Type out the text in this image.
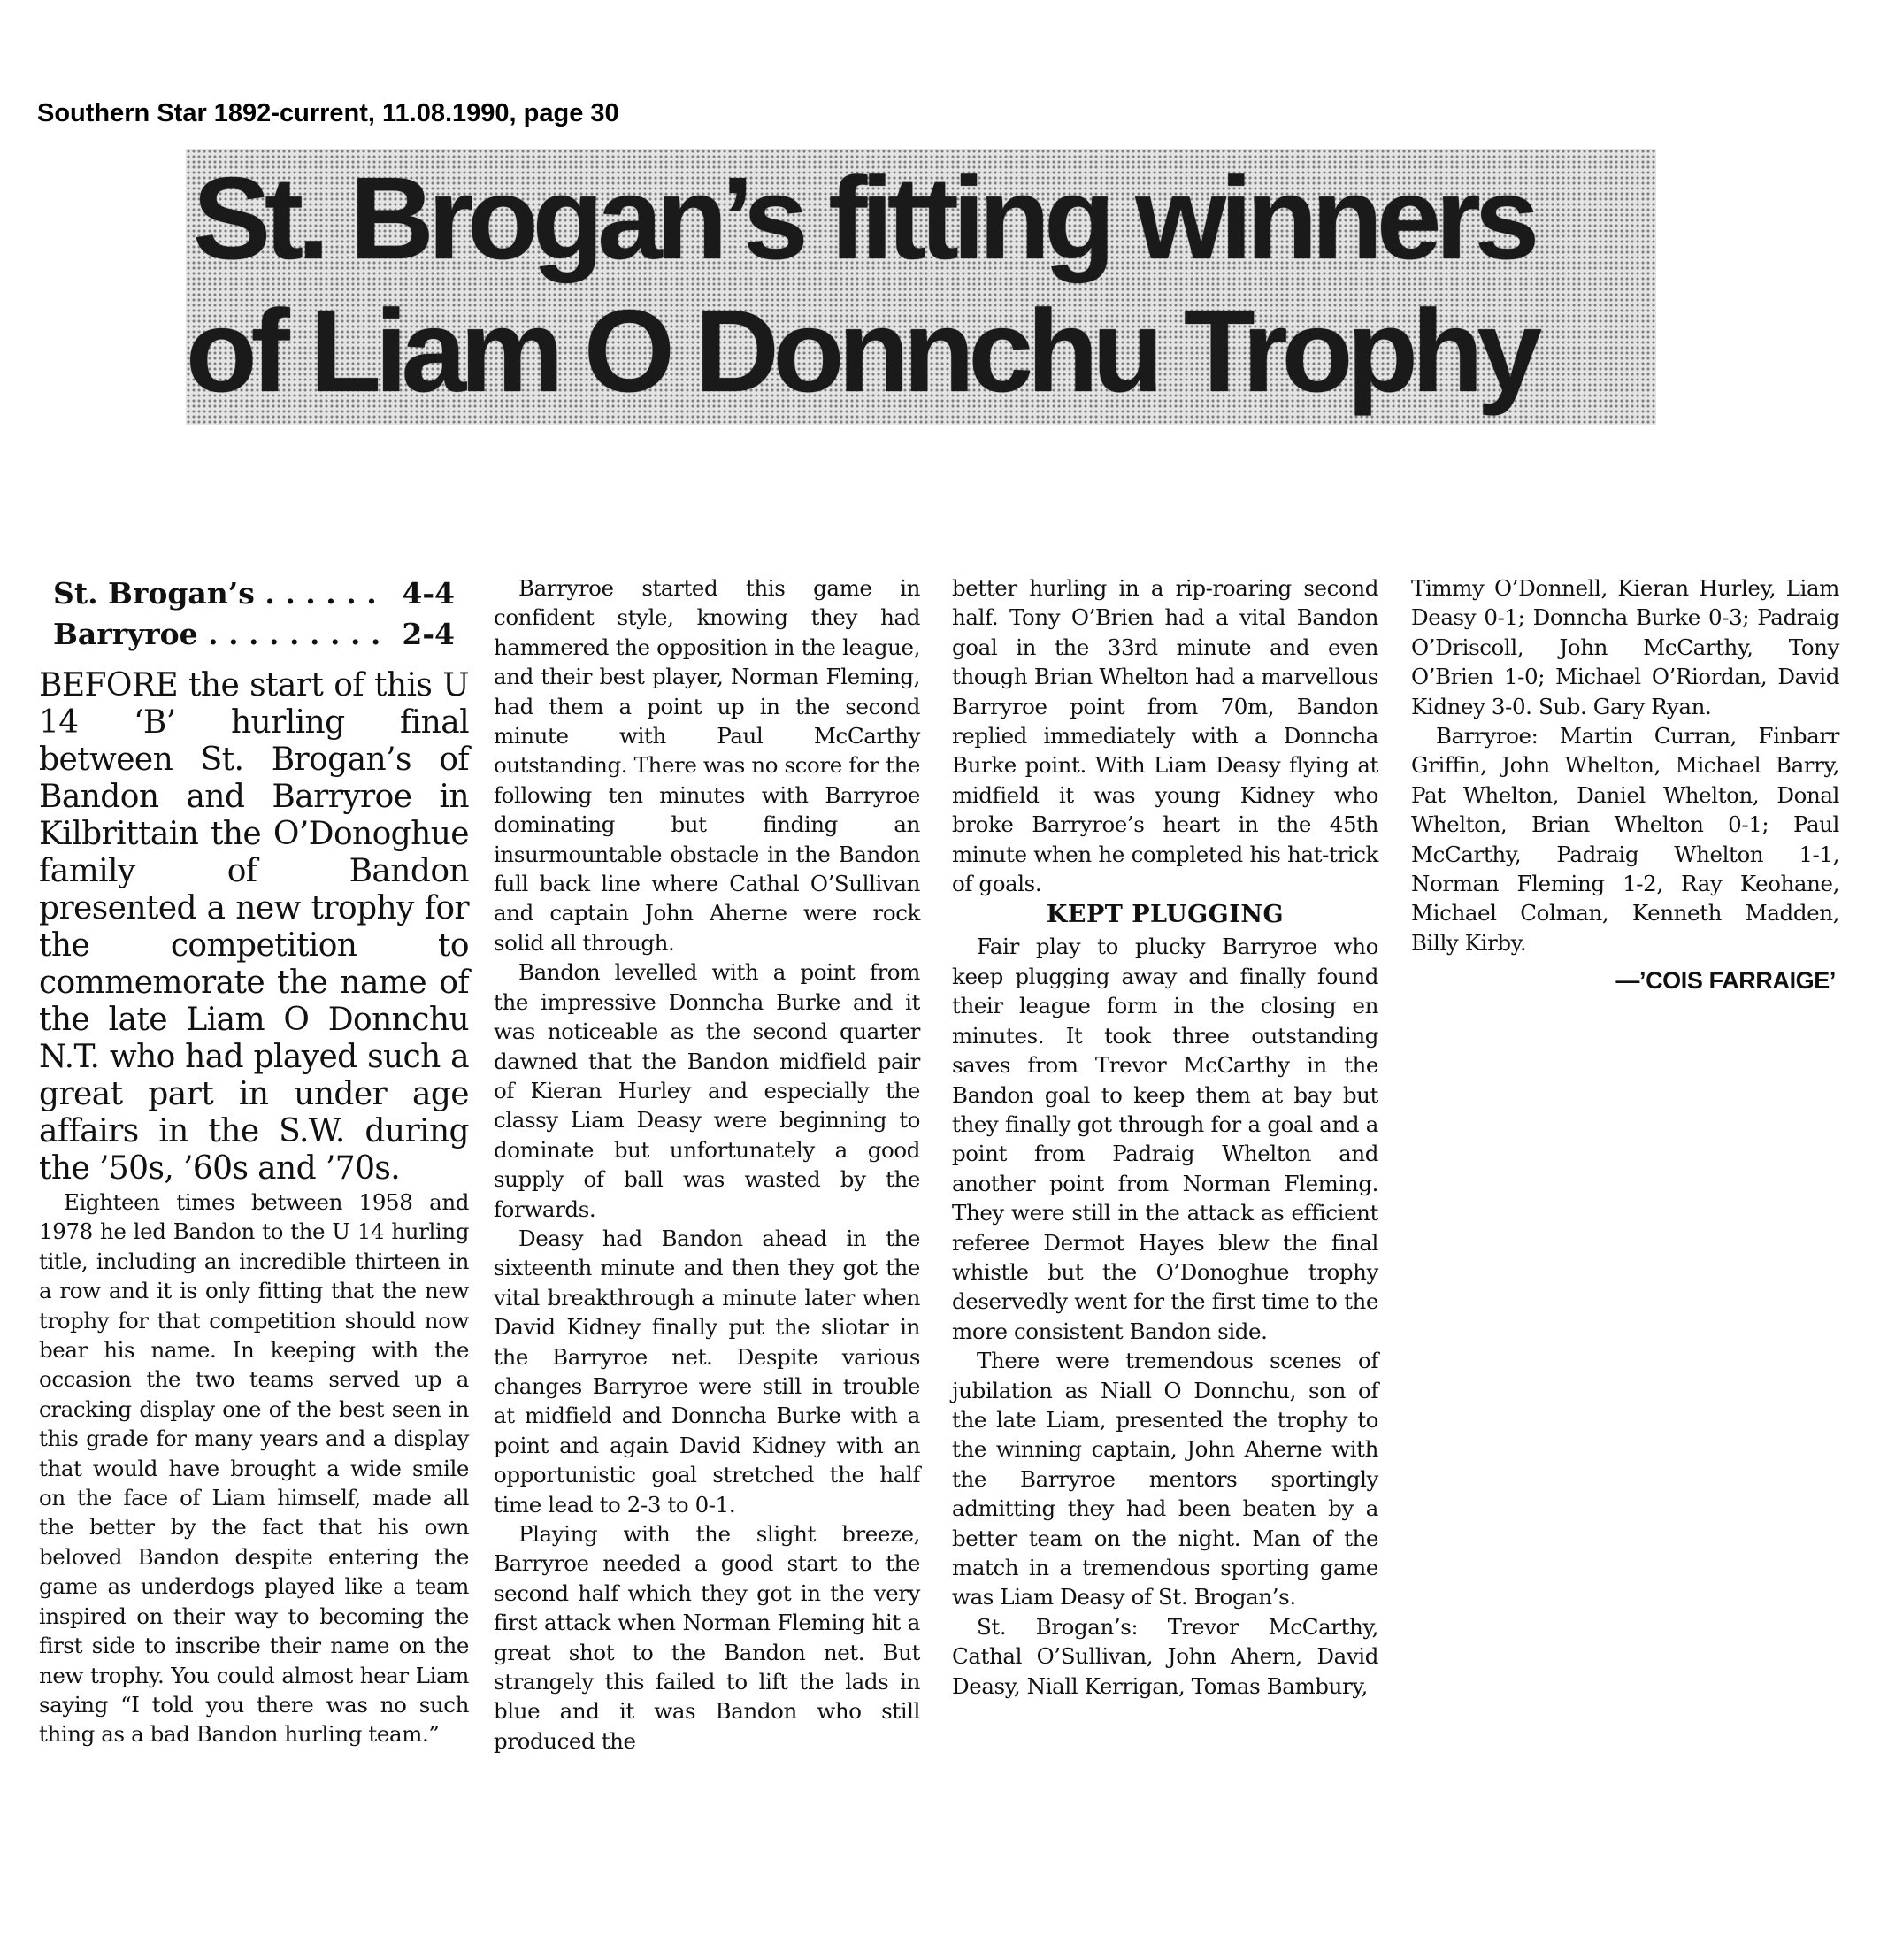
Southern Star 1892-current, 11.08.1990, page 30
St. Brogan’s fitting winners
of Liam O Donnchu Trophy
St. Brogan’s . . . . . . 4-4
Barryroe . . . . . . . . . 2-4
BEFORE the start of this U 14 ‘B’ hurling final between St. Brogan’s of Bandon and Barryroe in Kilbrittain the O’Donoghue family of Bandon presented a new trophy for the competition to commemorate the name of the late Liam O Donnchu N.T. who had played such a great part in under age affairs in the S.W. during the ’50s, ’60s and ’70s.

Eighteen times between 1958 and 1978 he led Bandon to the U 14 hurling title, including an incredible thirteen in a row and it is only fitting that the new trophy for that competition should now bear his name. In keeping with the occasion the two teams served up a cracking display one of the best seen in this grade for many years and a display that would have brought a wide smile on the face of Liam himself, made all the better by the fact that his own beloved Bandon despite entering the game as underdogs played like a team inspired on their way to becoming the first side to inscribe their name on the new trophy. You could almost hear Liam saying “I told you there was no such thing as a bad Bandon hurling team.”

Barryroe started this game in confident style, knowing they had hammered the opposition in the league, and their best player, Norman Fleming, had them a point up in the second minute with Paul McCarthy outstanding. There was no score for the following ten minutes with Barryroe dominating but finding an insurmountable obstacle in the Bandon full back line where Cathal O’Sullivan and captain John Aherne were rock solid all through.

Bandon levelled with a point from the impressive Donncha Burke and it was noticeable as the second quarter dawned that the Bandon midfield pair of Kieran Hurley and especially the classy Liam Deasy were beginning to dominate but unfortunately a good supply of ball was wasted by the forwards.

Deasy had Bandon ahead in the sixteenth minute and then they got the vital breakthrough a minute later when David Kidney finally put the sliotar in the Barryroe net. Despite various changes Barryroe were still in trouble at midfield and Donncha Burke with a point and again David Kidney with an opportunistic goal stretched the half time lead to 2-3 to 0-1.

Playing with the slight breeze, Barryroe needed a good start to the second half which they got in the very first attack when Norman Fleming hit a great shot to the Bandon net. But strangely this failed to lift the lads in blue and it was Bandon who still produced the

better hurling in a rip-roaring second half. Tony O’Brien had a vital Bandon goal in the 33rd minute and even though Brian Whelton had a marvellous Barryroe point from 70m, Bandon replied immediately with a Donncha Burke point. With Liam Deasy flying at midfield it was young Kidney who broke Barryroe’s heart in the 45th minute when he completed his hat-trick of goals.

KEPT PLUGGING

Fair play to plucky Barryroe who keep plugging away and finally found their league form in the closing en minutes. It took three outstanding saves from Trevor McCarthy in the Bandon goal to keep them at bay but they finally got through for a goal and a point from Padraig Whelton and another point from Norman Fleming. They were still in the attack as efficient referee Dermot Hayes blew the final whistle but the O’Donoghue trophy deservedly went for the first time to the more consistent Bandon side.

There were tremendous scenes of jubilation as Niall O Donnchu, son of the late Liam, presented the trophy to the winning captain, John Aherne with the Barryroe mentors sportingly admitting they had been beaten by a better team on the night. Man of the match in a tremendous sporting game was Liam Deasy of St. Brogan’s.

St. Brogan’s: Trevor McCarthy, Cathal O’Sullivan, John Ahern, David Deasy, Niall Kerrigan, Tomas Bambury,

Timmy O’Donnell, Kieran Hurley, Liam Deasy 0-1; Donncha Burke 0-3; Padraig O’Driscoll, John McCarthy, Tony O’Brien 1-0; Michael O’Riordan, David Kidney 3-0. Sub. Gary Ryan.

Barryroe: Martin Curran, Finbarr Griffin, John Whelton, Michael Barry, Pat Whelton, Daniel Whelton, Donal Whelton, Brian Whelton 0-1; Paul McCarthy, Padraig Whelton 1-1, Norman Fleming 1-2, Ray Keohane, Michael Colman, Kenneth Madden, Billy Kirby.

—’COIS FARRAIGE’
